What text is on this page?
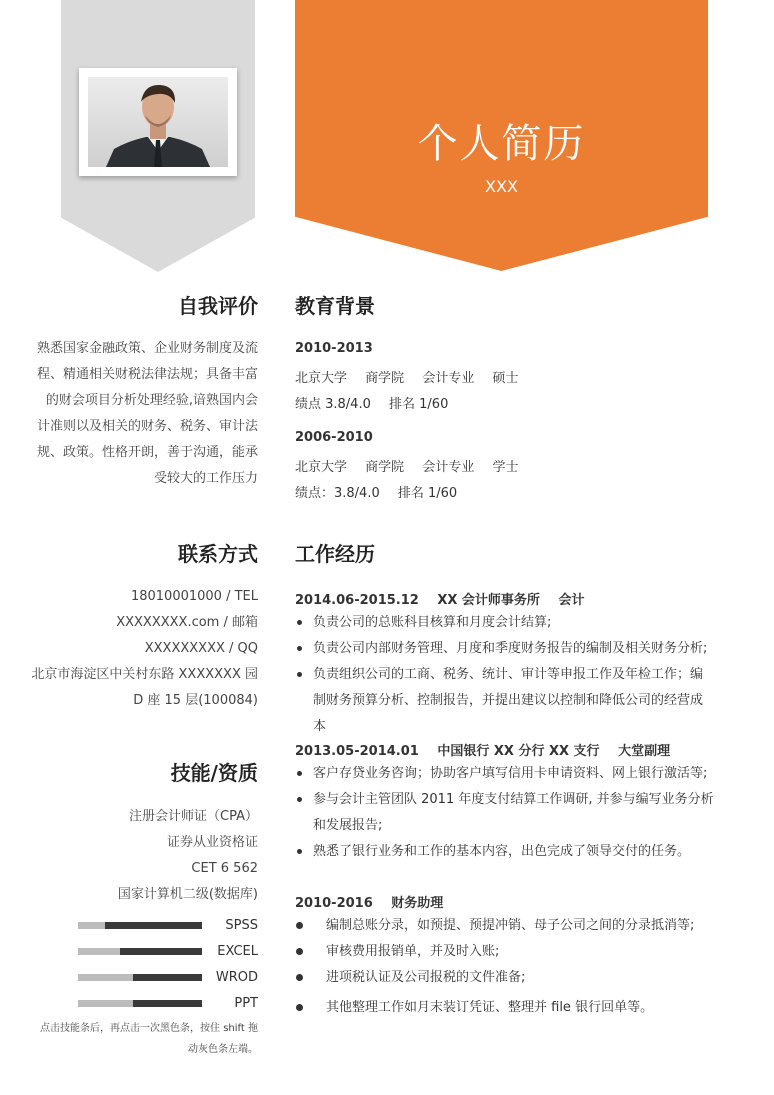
个人简历
XXX
自我评价
熟悉国家金融政策、企业财务制度及流
程、精通相关财税法律法规；具备丰富
的财会项目分析处理经验,谙熟国内会
计准则以及相关的财务、税务、审计法
规、政策。性格开朗，善于沟通，能承
受较大的工作压力
联系方式
18010001000 / TEL
XXXXXXXX.com / 邮箱
XXXXXXXXX / QQ
北京市海淀区中关村东路 XXXXXXX 园
D 座 15 层(100084)
技能/资质
注册会计师证（CPA）
证券从业资格证
CET 6 562
国家计算机二级(数据库)
SPSS
EXCEL
WROD
PPT
点击技能条后，再点击一次黑色条，按住 shift 拖
动灰色条左端。
教育背景
2010-2013
北京大学 商学院 会计专业 硕士
绩点 3.8/4.0 排名 1/60
2006-2010
北京大学 商学院 会计专业 学士
绩点：3.8/4.0 排名 1/60
工作经历
2014.06-2015.12 XX 会计师事务所 会计
负责公司的总账科目核算和月度会计结算;
负责公司内部财务管理、月度和季度财务报告的编制及相关财务分析;
负责组织公司的工商、税务、统计、审计等申报工作及年检工作；编制财务预算分析、控制报告，并提出建议以控制和降低公司的经营成本
2013.05-2014.01 中国银行 XX 分行 XX 支行 大堂副理
客户存贷业务咨询；协助客户填写信用卡申请资料、网上银行激活等;
参与会计主管团队 2011 年度支付结算工作调研, 并参与编写业务分析和发展报告;
熟悉了银行业务和工作的基本内容，出色完成了领导交付的任务。
2010-2016 财务助理
编制总账分录，如预提、预提冲销、母子公司之间的分录抵消等;
审核费用报销单，并及时入账;
进项税认证及公司报税的文件准备;
其他整理工作如月末装订凭证、整理并 file 银行回单等。
